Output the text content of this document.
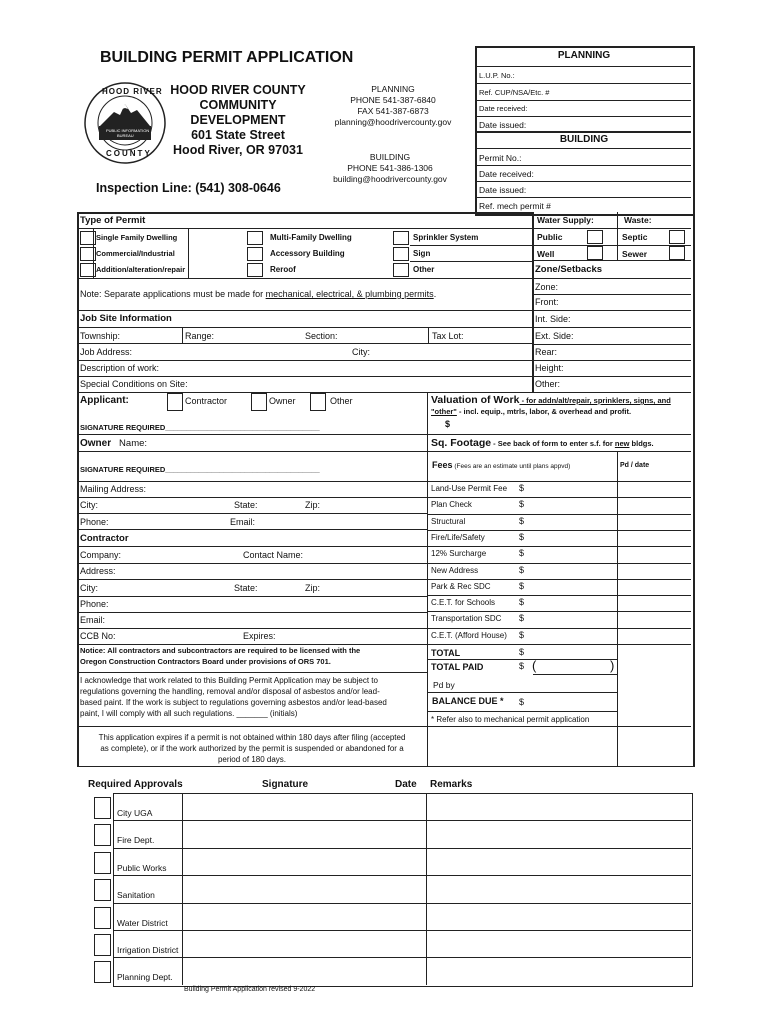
BUILDING PERMIT APPLICATION
HOOD RIVER
PUBLIC INFORMATION
BUREAU
COUNTY
HOOD RIVER COUNTY
COMMUNITY
DEVELOPMENT
601 State Street
Hood River, OR 97031
Inspection Line: (541) 308-0646
PLANNING
PHONE 541-387-6840
FAX 541-387-6873
planning@hoodrivercounty.gov
BUILDING
PHONE 541-386-1306
building@hoodrivercounty.gov
PLANNING
L.U.P. No.:
Ref. CUP/NSA/Etc. #
Date received:
Date issued:
BUILDING
Permit No.:
Date received:
Date issued:
Ref. mech permit #
Type of Permit
Single Family Dwelling
Commercial/Industrial
Addition/alteration/repair
Multi-Family Dwelling
Accessory Building
Reroof
Sprinkler System
Sign
Other
Note: Separate applications must be made for mechanical, electrical, & plumbing permits.
Water Supply:	Waste:
Public	Septic
Well	Sewer
Zone/Setbacks
Zone:
Front:
Int. Side:
Ext. Side:
Rear:
Height:
Other:
Job Site Information
Township:	Range:	Section:	Tax Lot:
Job Address:	City:
Description of work:
Special Conditions on Site:
Applicant:	Contractor	Owner	Other
SIGNATURE REQUIRED_____________________________________
Owner Name:
SIGNATURE REQUIRED_____________________________________
Mailing Address:
City:	State:	Zip:
Phone:	Email:
Contractor
Company:	Contact Name:
Address:
City:	State:	Zip:
Phone:
Email:
CCB No:	Expires:
Notice: All contractors and subcontractors are required to be licensed with the
Oregon Construction Contractors Board under provisions of ORS 701.
I acknowledge that work related to this Building Permit Application may be subject to
regulations governing the handling, removal and/or disposal of asbestos and/or lead-
based paint. If the work is subject to regulations governing asbestos and/or lead-based
paint, I will comply with all such regulations. _______ (initials)
This application expires if a permit is not obtained within 180 days after filing (accepted
as complete), or if the work authorized by the permit is suspended or abandoned for a
period of 180 days.
Valuation of Work - for addn/alt/repair, sprinklers, signs, and
"other" - incl. equip., mtrls, labor, & overhead and profit.
$
Sq. Footage - See back of form to enter s.f. for new bldgs.
Fees (Fees are an estimate until plans appvd)	Pd / date
Land-Use Permit Fee $
Plan Check	$
Structural	$
Fire/Life/Safety	$
12% Surcharge	$
New Address	$
Park & Rec SDC	$
C.E.T. for Schools	$
Transportation SDC $
C.E.T. (Afford House) $
TOTAL	$
TOTAL PAID	$ (	)
Pd by
BALANCE DUE * $
* Refer also to mechanical permit application
Required Approvals	Signature	Date Remarks
City UGA
Fire Dept.
Public Works
Sanitation
Water District
Irrigation District
Planning Dept.
Building Permit Application revised 9-2022
